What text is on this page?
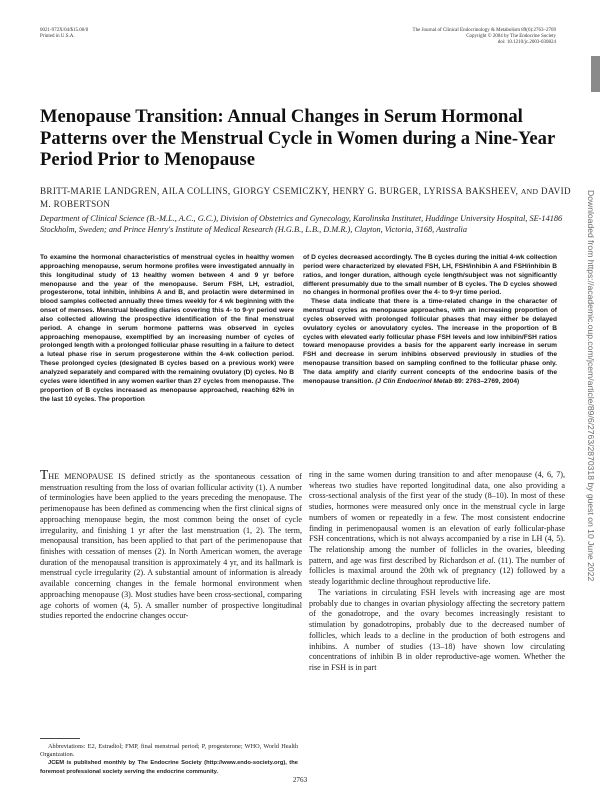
0021-972X/04/$15.00/0
Printed in U.S.A.
The Journal of Clinical Endocrinology & Metabolism 89(6):2763–2769
Copyright © 2004 by The Endocrine Society
doi: 10.1210/jc.2003-030824
Downloaded from https://academic.oup.com/jcem/article/89/6/2763/2870318 by guest on 10 June 2022
Menopause Transition: Annual Changes in Serum Hormonal Patterns over the Menstrual Cycle in Women during a Nine-Year Period Prior to Menopause
BRITT-MARIE LANDGREN, AILA COLLINS, GIORGY CSEMICZKY, HENRY G. BURGER, LYRISSA BAKSHEEV, AND DAVID M. ROBERTSON
Department of Clinical Science (B.-M.L., A.C., G.C.), Division of Obstetrics and Gynecology, Karolinska Institutet, Huddinge University Hospital, SE-14186 Stockholm, Sweden; and Prince Henry's Institute of Medical Research (H.G.B., L.B., D.M.R.), Clayton, Victoria, 3168, Australia

To examine the hormonal characteristics of menstrual cycles in healthy women approaching menopause, serum hormone profiles were investigated annually in this longitudinal study of 13 healthy women between 4 and 9 yr before menopause and the year of the menopause. Serum FSH, LH, estradiol, progesterone, total inhibin, inhibins A and B, and prolactin were determined in blood samples collected annually three times weekly for 4 wk beginning with the onset of menses. Menstrual bleeding diaries covering this 4- to 9-yr period were also collected allowing the prospective identification of the final menstrual period. A change in serum hormone patterns was observed in cycles approaching menopause, exemplified by an increasing number of cycles of prolonged length with a prolonged follicular phase resulting in a failure to detect a luteal phase rise in serum progesterone within the 4-wk collection period. These prolonged cycles (designated B cycles based on a previous work) were analyzed separately and compared with the remaining ovulatory (D) cycles. No B cycles were identified in any women earlier than 27 cycles from menopause. The proportion of B cycles increased as menopause approached, reaching 62% in the last 10 cycles. The proportion

of D cycles decreased accordingly. The B cycles during the initial 4-wk collection period were characterized by elevated FSH, LH, FSH/inhibin A and FSH/inhibin B ratios, and longer duration, although cycle length/subject was not significantly different presumably due to the small number of B cycles. The D cycles showed no changes in hormonal profiles over the 4- to 9-yr time period.

These data indicate that there is a time-related change in the character of menstrual cycles as menopause approaches, with an increasing proportion of cycles observed with prolonged follicular phases that may either be delayed ovulatory cycles or anovulatory cycles. The increase in the proportion of B cycles with elevated early follicular phase FSH levels and low inhibin/FSH ratios toward menopause provides a basis for the apparent early increase in serum FSH and decrease in serum inhibins observed previously in studies of the menopause transition based on sampling confined to the follicular phase only. The data amplify and clarify current concepts of the endocrine basis of the menopause transition. (J Clin Endocrinol Metab 89: 2763–2769, 2004)

THE MENOPAUSE IS defined strictly as the spontaneous cessation of menstruation resulting from the loss of ovarian follicular activity (1). A number of terminologies have been applied to the years preceding the menopause. The perimenopause has been defined as commencing when the first clinical signs of approaching menopause begin, the most common being the onset of cycle irregularity, and finishing 1 yr after the last menstruation (1, 2). The term, menopausal transition, has been applied to that part of the perimenopause that finishes with cessation of menses (2). In North American women, the average duration of the menopausal transition is approximately 4 yr, and its hallmark is menstrual cycle irregularity (2). A substantial amount of information is already available concerning changes in the female hormonal environment when approaching menopause (3). Most studies have been cross-sectional, comparing age cohorts of women (4, 5). A smaller number of prospective longitudinal studies reported the endocrine changes occur-

ring in the same women during transition to and after menopause (4, 6, 7), whereas two studies have reported longitudinal data, one also providing a cross-sectional analysis of the first year of the study (8–10). In most of these studies, hormones were measured only once in the menstrual cycle in large numbers of women or repeatedly in a few. The most consistent endocrine finding in perimenopausal women is an elevation of early follicular-phase FSH concentrations, which is not always accompanied by a rise in LH (4, 5). The relationship among the number of follicles in the ovaries, bleeding pattern, and age was first described by Richardson et al. (11). The number of follicles is maximal around the 20th wk of pregnancy (12) followed by a steady logarithmic decline throughout reproductive life.

The variations in circulating FSH levels with increasing age are most probably due to changes in ovarian physiology affecting the secretory pattern of the gonadotrope, and the ovary becomes increasingly resistant to stimulation by gonadotropins, probably due to the decreased number of follicles, which leads to a decline in the production of both estrogens and inhibins. A number of studies (13–18) have shown low circulating concentrations of inhibin B in older reproductive-age women. Whether the rise in FSH is in part

Abbreviations: E2, Estradiol; FMP, final menstrual period; P, progesterone; WHO, World Health Organization.

JCEM is published monthly by The Endocrine Society (http://www.endo-society.org), the foremost professional society serving the endocrine community.

2763
